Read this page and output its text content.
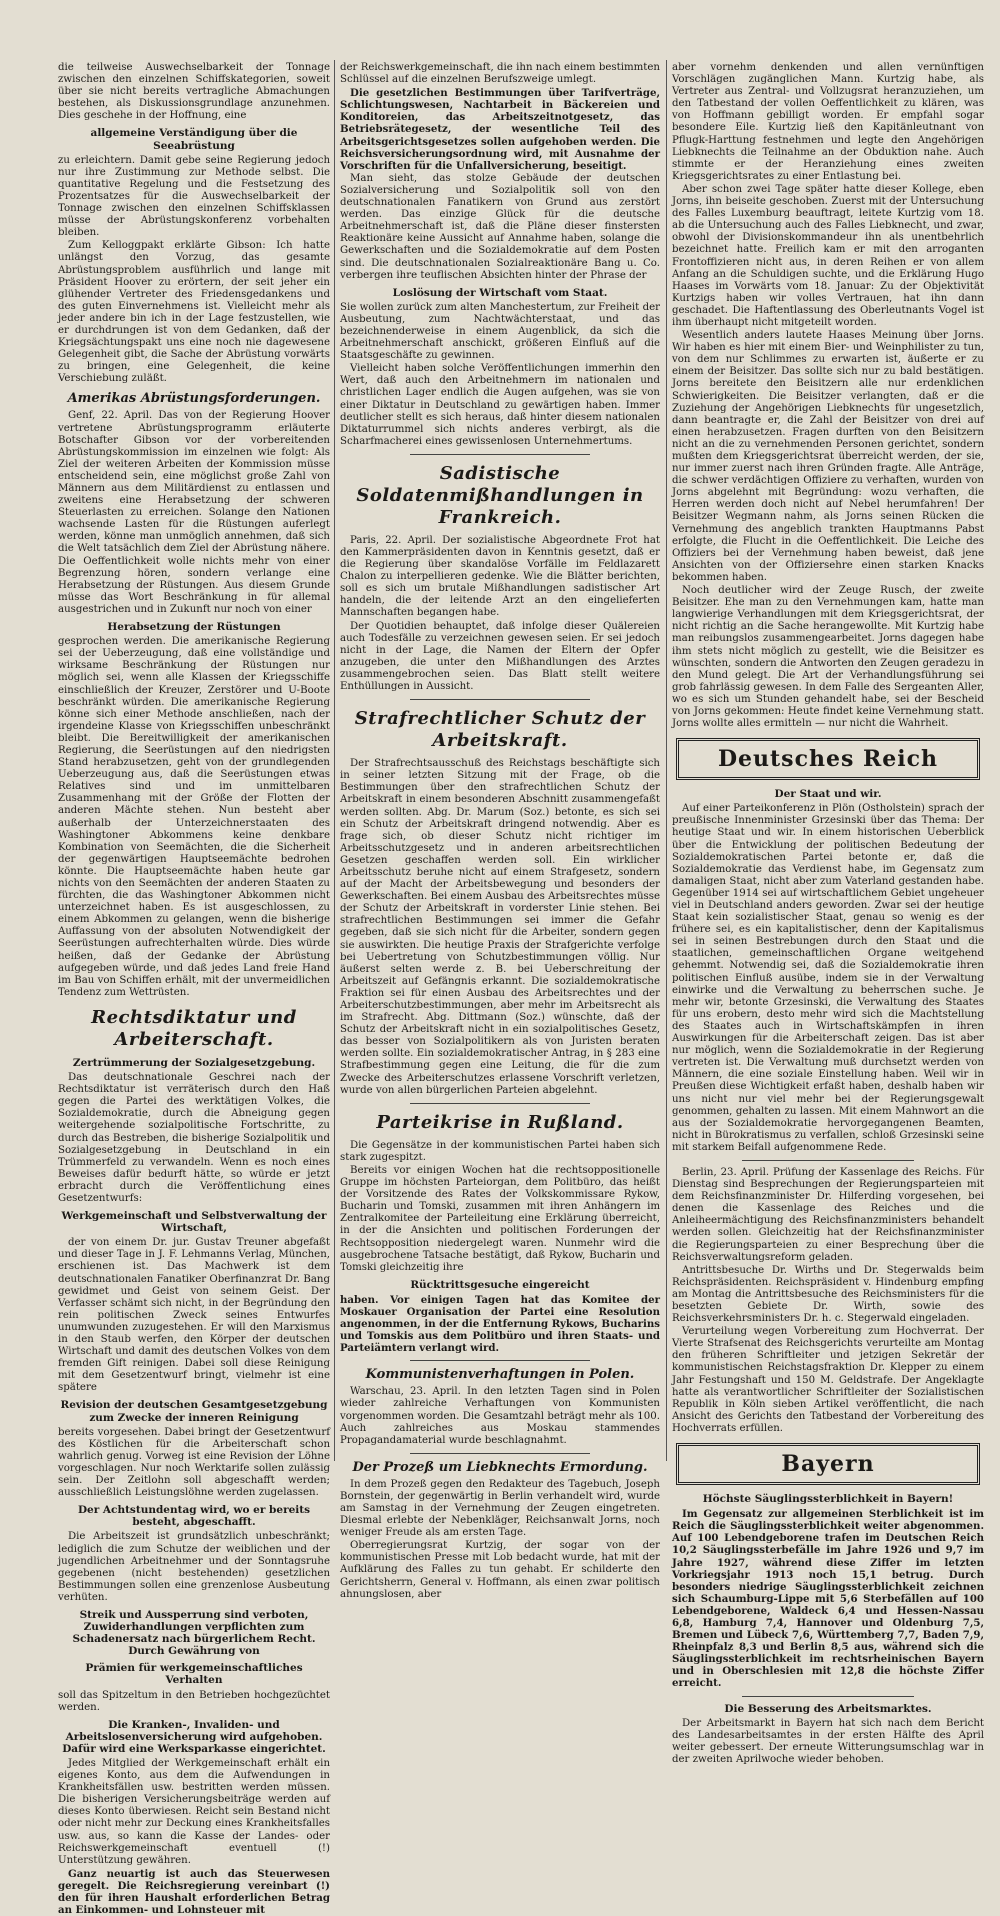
die teilweise Auswechselbarkeit der Tonnage zwischen den einzelnen Schiffskategorien, soweit über sie nicht bereits vertragliche Abmachungen bestehen, als Diskussionsgrundlage anzunehmen. Dies geschehe in der Hoffnung, eine

allgemeine Verständigung über die Seeabrüstung

zu erleichtern. Damit gebe seine Regierung jedoch nur ihre Zustimmung zur Methode selbst. Die quantitative Regelung und die Festsetzung des Prozentsatzes für die Auswechselbarkeit der Tonnage zwischen den einzelnen Schiffsklassen müsse der Abrüstungskonferenz vorbehalten bleiben.

Zum Kelloggpakt erklärte Gibson: Ich hatte unlängst den Vorzug, das gesamte Abrüstungsproblem ausführlich und lange mit Präsident Hoover zu erörtern, der seit jeher ein glühender Vertreter des Friedensgedankens und des guten Einvernehmens ist. Vielleicht mehr als jeder andere bin ich in der Lage festzustellen, wie er durchdrungen ist von dem Gedanken, daß der Kriegsächtungspakt uns eine noch nie dagewesene Gelegenheit gibt, die Sache der Abrüstung vorwärts zu bringen, eine Gelegenheit, die keine Verschiebung zuläßt.

Amerikas Abrüstungsforderungen.

Genf, 22. April. Das von der Regierung Hoover vertretene Abrüstungsprogramm erläuterte Botschafter Gibson vor der vorbereitenden Abrüstungskommission im einzelnen wie folgt: Als Ziel der weiteren Arbeiten der Kommission müsse entscheidend sein, eine möglichst große Zahl von Männern aus dem Militärdienst zu entlassen und zweitens eine Herabsetzung der schweren Steuerlasten zu erreichen. Solange den Nationen wachsende Lasten für die Rüstungen auferlegt werden, könne man unmöglich annehmen, daß sich die Welt tatsächlich dem Ziel der Abrüstung nähere. Die Oeffentlichkeit wolle nichts mehr von einer Begrenzung hören, sondern verlange eine Herabsetzung der Rüstungen. Aus diesem Grunde müsse das Wort Beschränkung in für allemal ausgestrichen und in Zukunft nur noch von einer

Herabsetzung der Rüstungen

gesprochen werden. Die amerikanische Regierung sei der Ueberzeugung, daß eine vollständige und wirksame Beschränkung der Rüstungen nur möglich sei, wenn alle Klassen der Kriegsschiffe einschließlich der Kreuzer, Zerstörer und U-Boote beschränkt würden. Die amerikanische Regierung könne sich einer Methode anschließen, nach der irgendeine Klasse von Kriegsschiffen unbeschränkt bleibt. Die Bereitwilligkeit der amerikanischen Regierung, die Seerüstungen auf den niedrigsten Stand herabzusetzen, geht von der grundlegenden Ueberzeugung aus, daß die Seerüstungen etwas Relatives sind und im unmittelbaren Zusammenhang mit der Größe der Flotten der anderen Mächte stehen. Nun besteht aber außerhalb der Unterzeichnerstaaten des Washingtoner Abkommens keine denkbare Kombination von Seemächten, die die Sicherheit der gegenwärtigen Hauptseemächte bedrohen könnte. Die Hauptseemächte haben heute gar nichts von den Seemächten der anderen Staaten zu fürchten, die das Washingtoner Abkommen nicht unterzeichnet haben. Es ist ausgeschlossen, zu einem Abkommen zu gelangen, wenn die bisherige Auffassung von der absoluten Notwendigkeit der Seerüstungen aufrechterhalten würde. Dies würde heißen, daß der Gedanke der Abrüstung aufgegeben würde, und daß jedes Land freie Hand im Bau von Schiffen erhält, mit der unvermeidlichen Tendenz zum Wettrüsten.

Rechtsdiktatur und Arbeiterschaft.
Zertrümmerung der Sozialgesetzgebung.

Das deutschnationale Geschrei nach der Rechtsdiktatur ist verräterisch durch den Haß gegen die Partei des werktätigen Volkes, die Sozialdemokratie, durch die Abneigung gegen weitergehende sozialpolitische Fortschritte, zu durch das Bestreben, die bisherige Sozialpolitik und Sozialgesetzgebung in Deutschland in ein Trümmerfeld zu verwandeln. Wenn es noch eines Beweises dafür bedurft hätte, so würde er jetzt erbracht durch die Veröffentlichung eines Gesetzentwurfs:

Werkgemeinschaft und Selbstverwaltung der Wirtschaft,

der von einem Dr. jur. Gustav Treuner abgefaßt und dieser Tage in J. F. Lehmanns Verlag, München, erschienen ist. Das Machwerk ist dem deutschnationalen Fanatiker Oberfinanzrat Dr. Bang gewidmet und Geist von seinem Geist. Der Verfasser schämt sich nicht, in der Begründung den rein politischen Zweck seines Entwurfes unumwunden zuzugestehen. Er will den Marxismus in den Staub werfen, den Körper der deutschen Wirtschaft und damit des deutschen Volkes von dem fremden Gift reinigen. Dabei soll diese Reinigung mit dem Gesetzentwurf bringt, vielmehr ist eine spätere

Revision der deutschen Gesamtgesetzgebung zum Zwecke der inneren Reinigung

bereits vorgesehen. Dabei bringt der Gesetzentwurf des Köstlichen für die Arbeiterschaft schon wahrlich genug. Vorweg ist eine Revision der Löhne vorgeschlagen. Nur noch Werktarife sollen zulässig sein. Der Zeitlohn soll abgeschafft werden; ausschließlich Leistungslöhne werden zugelassen.

Der Achtstundentag wird, wo er bereits besteht, abgeschafft.

Die Arbeitszeit ist grundsätzlich unbeschränkt; lediglich die zum Schutze der weiblichen und der jugendlichen Arbeitnehmer und der Sonntagsruhe gegebenen (nicht bestehenden) gesetzlichen Bestimmungen sollen eine grenzenlose Ausbeutung verhüten.

Streik und Aussperrung sind verboten, Zuwiderhandlungen verpflichten zum Schadenersatz nach bürgerlichem Recht. Durch Gewährung von
Prämien für werkgemeinschaftliches Verhalten

soll das Spitzeltum in den Betrieben hochgezüchtet werden.

Die Kranken-, Invaliden- und Arbeitslosenversicherung wird aufgehoben. Dafür wird eine Werksparkasse eingerichtet.

Jedes Mitglied der Werkgemeinschaft erhält ein eigenes Konto, aus dem die Aufwendungen in Krankheitsfällen usw. bestritten werden müssen. Die bisherigen Versicherungsbeiträge werden auf dieses Konto überwiesen. Reicht sein Bestand nicht oder nicht mehr zur Deckung eines Krankheitsfalles usw. aus, so kann die Kasse der Landes- oder Reichswerkgemeinschaft eventuell (!) Unterstützung gewähren.

Ganz neuartig ist auch das Steuerwesen geregelt. Die Reichsregierung vereinbart (!) den für ihren Haushalt erforderlichen Betrag an Einkommen- und Lohnsteuer mit

der Reichswerkgemeinschaft, die ihn nach einem bestimmten Schlüssel auf die einzelnen Berufszweige umlegt.

Die gesetzlichen Bestimmungen über Tarifverträge, Schlichtungswesen, Nachtarbeit in Bäckereien und Konditoreien, das Arbeitszeitnotgesetz, das Betriebsrätegesetz, der wesentliche Teil des Arbeitsgerichtsgesetzes sollen aufgehoben werden. Die Reichsversicherungsordnung wird, mit Ausnahme der Vorschriften für die Unfallversicherung, beseitigt.

Man sieht, das stolze Gebäude der deutschen Sozialversicherung und Sozialpolitik soll von den deutschnationalen Fanatikern von Grund aus zerstört werden. Das einzige Glück für die deutsche Arbeitnehmerschaft ist, daß die Pläne dieser finstersten Reaktionäre keine Aussicht auf Annahme haben, solange die Gewerkschaften und die Sozialdemokratie auf dem Posten sind. Die deutschnationalen Sozialreaktionäre Bang u. Co. verbergen ihre teuflischen Absichten hinter der Phrase der

Loslösung der Wirtschaft vom Staat.

Sie wollen zurück zum alten Manchestertum, zur Freiheit der Ausbeutung, zum Nachtwächterstaat, und das bezeichnenderweise in einem Augenblick, da sich die Arbeitnehmerschaft anschickt, größeren Einfluß auf die Staatsgeschäfte zu gewinnen.

Vielleicht haben solche Veröffentlichungen immerhin den Wert, daß auch den Arbeitnehmern im nationalen und christlichen Lager endlich die Augen aufgehen, was sie von einer Diktatur in Deutschland zu gewärtigen haben. Immer deutlicher stellt es sich heraus, daß hinter diesem nationalen Diktaturrummel sich nichts anderes verbirgt, als die Scharfmacherei eines gewissenlosen Unternehmertums.

Sadistische Soldatenmißhandlungen in Frankreich.

Paris, 22. April. Der sozialistische Abgeordnete Frot hat den Kammerpräsidenten davon in Kenntnis gesetzt, daß er die Regierung über skandalöse Vorfälle im Feldlazarett Chalon zu interpellieren gedenke. Wie die Blätter berichten, soll es sich um brutale Mißhandlungen sadistischer Art handeln, die der leitende Arzt an den eingelieferten Mannschaften begangen habe.

Der Quotidien behauptet, daß infolge dieser Quälereien auch Todesfälle zu verzeichnen gewesen seien. Er sei jedoch nicht in der Lage, die Namen der Eltern der Opfer anzugeben, die unter den Mißhandlungen des Arztes zusammengebrochen seien. Das Blatt stellt weitere Enthüllungen in Aussicht.

Strafrechtlicher Schutz der Arbeitskraft.

Der Strafrechtsausschuß des Reichstags beschäftigte sich in seiner letzten Sitzung mit der Frage, ob die Bestimmungen über den strafrechtlichen Schutz der Arbeitskraft in einem besonderen Abschnitt zusammengefaßt werden sollten. Abg. Dr. Marum (Soz.) betonte, es sich sei ein Schutz der Arbeitskraft dringend notwendig. Aber es frage sich, ob dieser Schutz nicht richtiger im Arbeitsschutzgesetz und in anderen arbeitsrechtlichen Gesetzen geschaffen werden soll. Ein wirklicher Arbeitsschutz beruhe nicht auf einem Strafgesetz, sondern auf der Macht der Arbeitsbewegung und besonders der Gewerkschaften. Bei einem Ausbau des Arbeitsrechtes müsse der Schutz der Arbeitskraft in vorderster Linie stehen. Bei strafrechtlichen Bestimmungen sei immer die Gefahr gegeben, daß sie sich nicht für die Arbeiter, sondern gegen sie auswirkten. Die heutige Praxis der Strafgerichte verfolge bei Uebertretung von Schutzbestimmungen völlig. Nur äußerst selten werde z. B. bei Ueberschreitung der Arbeitszeit auf Gefängnis erkannt. Die sozialdemokratische Fraktion sei für einen Ausbau des Arbeitsrechtes und der Arbeiterschutzbestimmungen, aber mehr im Arbeitsrecht als im Strafrecht. Abg. Dittmann (Soz.) wünschte, daß der Schutz der Arbeitskraft nicht in ein sozialpolitisches Gesetz, das besser von Sozialpolitikern als von Juristen beraten werden sollte. Ein sozialdemokratischer Antrag, in § 283 eine Strafbestimmung gegen eine Leitung, die für die zum Zwecke des Arbeiterschutzes erlassene Vorschrift verletzen, wurde von allen bürgerlichen Parteien abgelehnt.

Parteikrise in Rußland.

Die Gegensätze in der kommunistischen Partei haben sich stark zugespitzt.

Bereits vor einigen Wochen hat die rechtsoppositionelle Gruppe im höchsten Parteiorgan, dem Politbüro, das heißt der Vorsitzende des Rates der Volkskommissare Rykow, Bucharin und Tomski, zusammen mit ihren Anhängern im Zentralkomitee der Parteileitung eine Erklärung überreicht, in der die Ansichten und politischen Forderungen der Rechtsopposition niedergelegt waren. Nunmehr wird die ausgebrochene Tatsache bestätigt, daß Rykow, Bucharin und Tomski gleichzeitig ihre

Rücktrittsgesuche eingereicht

haben. Vor einigen Tagen hat das Komitee der Moskauer Organisation der Partei eine Resolution angenommen, in der die Entfernung Rykows, Bucharins und Tomskis aus dem Politbüro und ihren Staats- und Parteiämtern verlangt wird.

Kommunistenverhaftungen in Polen.

Warschau, 23. April. In den letzten Tagen sind in Polen wieder zahlreiche Verhaftungen von Kommunisten vorgenommen worden. Die Gesamtzahl beträgt mehr als 100. Auch zahlreiches aus Moskau stammendes Propagandamaterial wurde beschlagnahmt.

Der Prozeß um Liebknechts Ermordung.

In dem Prozeß gegen den Redakteur des Tagebuch, Joseph Bornstein, der gegenwärtig in Berlin verhandelt wird, wurde am Samstag in der Vernehmung der Zeugen eingetreten. Diesmal erlebte der Nebenkläger, Reichsanwalt Jorns, noch weniger Freude als am ersten Tage.

Oberregierungsrat Kurtzig, der sogar von der kommunistischen Presse mit Lob bedacht wurde, hat mit der Aufklärung des Falles zu tun gehabt. Er schilderte den Gerichtsherrn, General v. Hoffmann, als einen zwar politisch ahnungslosen, aber

aber vornehm denkenden und allen vernünftigen Vorschlägen zugänglichen Mann. Kurtzig habe, als Vertreter aus Zentral- und Vollzugsrat heranzuziehen, um den Tatbestand der vollen Oeffentlichkeit zu klären, was von Hoffmann gebilligt worden. Er empfahl sogar besondere Eile. Kurtzig ließ den Kapitänleutnant von Pflugk-Harttung festnehmen und legte den Angehörigen Liebknechts die Teilnahme an der Obduktion nahe. Auch stimmte er der Heranziehung eines zweiten Kriegsgerichtsrates zu einer Entlastung bei.

Aber schon zwei Tage später hatte dieser Kollege, eben Jorns, ihn beiseite geschoben. Zuerst mit der Untersuchung des Falles Luxemburg beauftragt, leitete Kurtzig vom 18. ab die Untersuchung auch des Falles Liebknecht, und zwar, obwohl der Divisionskommandeur ihn als unentbehrlich bezeichnet hatte. Freilich kam er mit den arroganten Frontoffizieren nicht aus, in deren Reihen er von allem Anfang an die Schuldigen suchte, und die Erklärung Hugo Haases im Vorwärts vom 18. Januar: Zu der Objektivität Kurtzigs haben wir volles Vertrauen, hat ihn dann geschadet. Die Haftentlassung des Oberleutnants Vogel ist ihm überhaupt nicht mitgeteilt worden.

Wesentlich anders lautete Haases Meinung über Jorns. Wir haben es hier mit einem Bier- und Weinphilister zu tun, von dem nur Schlimmes zu erwarten ist, äußerte er zu einem der Beisitzer. Das sollte sich nur zu bald bestätigen. Jorns bereitete den Beisitzern alle nur erdenklichen Schwierigkeiten. Die Beisitzer verlangten, daß er die Zuziehung der Angehörigen Liebknechts für ungesetzlich, dann beantragte er, die Zahl der Beisitzer von drei auf einen herabzusetzen. Fragen durften von den Beisitzern nicht an die zu vernehmenden Personen gerichtet, sondern mußten dem Kriegsgerichtsrat überreicht werden, der sie, nur immer zuerst nach ihren Gründen fragte. Alle Anträge, die schwer verdächtigen Offiziere zu verhaften, wurden von Jorns abgelehnt mit Begründung: wozu verhaften, die Herren werden doch nicht auf Nebel herumfahren! Der Beisitzer Wegmann nahm, als Jorns seinen Rücken die Vernehmung des angeblich trankten Hauptmanns Pabst erfolgte, die Flucht in die Oeffentlichkeit. Die Leiche des Offiziers bei der Vernehmung haben beweist, daß jene Ansichten von der Offiziersehre einen starken Knacks bekommen haben.

Noch deutlicher wird der Zeuge Rusch, der zweite Beisitzer. Ehe man zu den Vernehmungen kam, hatte man langwierige Verhandlungen mit dem Kriegsgerichtsrat, der nicht richtig an die Sache herangewollte. Mit Kurtzig habe man reibungslos zusammengearbeitet. Jorns dagegen habe ihm stets nicht möglich zu gestellt, wie die Beisitzer es wünschten, sondern die Antworten den Zeugen geradezu in den Mund gelegt. Die Art der Verhandlungsführung sei grob fahrlässig gewesen. In dem Falle des Sergeanten Aller, wo es sich um Stunden gehandelt habe, sei der Bescheid von Jorns gekommen: Heute findet keine Vernehmung statt. Jorns wollte alles ermitteln — nur nicht die Wahrheit.

Deutsches Reich
Der Staat und wir.

Auf einer Parteikonferenz in Plön (Ostholstein) sprach der preußische Innenminister Grzesinski über das Thema: Der heutige Staat und wir. In einem historischen Ueberblick über die Entwicklung der politischen Bedeutung der Sozialdemokratischen Partei betonte er, daß die Sozialdemokratie das Verdienst habe, im Gegensatz zum damaligen Staat, nicht aber zum Vaterland gestanden habe. Gegenüber 1914 sei auf wirtschaftlichem Gebiet ungeheuer viel in Deutschland anders geworden. Zwar sei der heutige Staat kein sozialistischer Staat, genau so wenig es der frühere sei, es ein kapitalistischer, denn der Kapitalismus sei in seinen Bestrebungen durch den Staat und die staatlichen, gemeinschaftlichen Organe weitgehend gehemmt. Notwendig sei, daß die Sozialdemokratie ihren politischen Einfluß ausübe, indem sie in der Verwaltung einwirke und die Verwaltung zu beherrschen suche. Je mehr wir, betonte Grzesinski, die Verwaltung des Staates für uns erobern, desto mehr wird sich die Machtstellung des Staates auch in Wirtschaftskämpfen in ihren Auswirkungen für die Arbeiterschaft zeigen. Das ist aber nur möglich, wenn die Sozialdemokratie in der Regierung vertreten ist. Die Verwaltung muß durchsetzt werden von Männern, die eine soziale Einstellung haben. Weil wir in Preußen diese Wichtigkeit erfaßt haben, deshalb haben wir uns nicht nur viel mehr bei der Regierungsgewalt genommen, gehalten zu lassen. Mit einem Mahnwort an die aus der Sozialdemokratie hervorgegangenen Beamten, nicht in Bürokratismus zu verfallen, schloß Grzesinski seine mit starkem Beifall aufgenommene Rede.

Berlin, 23. April. Prüfung der Kassenlage des Reichs. Für Dienstag sind Besprechungen der Regierungsparteien mit dem Reichsfinanzminister Dr. Hilferding vorgesehen, bei denen die Kassenlage des Reiches und die Anleiheermächtigung des Reichsfinanzministers behandelt werden sollen. Gleichzeitig hat der Reichsfinanzminister die Regierungsparteien zu einer Besprechung über die Reichsverwaltungsreform geladen.

Antrittsbesuche Dr. Wirths und Dr. Stegerwalds beim Reichspräsidenten. Reichspräsident v. Hindenburg empfing am Montag die Antrittsbesuche des Reichsministers für die besetzten Gebiete Dr. Wirth, sowie des Reichsverkehrsministers Dr. h. c. Stegerwald eingeladen.

Verurteilung wegen Vorbereitung zum Hochverrat. Der Vierte Strafsenat des Reichsgerichts verurteilte am Montag den früheren Schriftleiter und jetzigen Sekretär der kommunistischen Reichstagsfraktion Dr. Klepper zu einem Jahr Festungshaft und 150 M. Geldstrafe. Der Angeklagte hatte als verantwortlicher Schriftleiter der Sozialistischen Republik in Köln sieben Artikel veröffentlicht, die nach Ansicht des Gerichts den Tatbestand der Vorbereitung des Hochverrats erfüllen.

Bayern
Höchste Säuglingssterblichkeit in Bayern!

Im Gegensatz zur allgemeinen Sterblichkeit ist im Reich die Säuglingssterblichkeit weiter abgenommen. Auf 100 Lebendgeborene trafen im Deutschen Reich 10,2 Säuglingssterbefälle im Jahre 1926 und 9,7 im Jahre 1927, während diese Ziffer im letzten Vorkriegsjahr 1913 noch 15,1 betrug. Durch besonders niedrige Säuglingssterblichkeit zeichnen sich Schaumburg-Lippe mit 5,6 Sterbefällen auf 100 Lebendgeborene, Waldeck 6,4 und Hessen-Nassau 6,8, Hamburg 7,4, Hannover und Oldenburg 7,5, Bremen und Lübeck 7,6, Württemberg 7,7, Baden 7,9, Rheinpfalz 8,3 und Berlin 8,5 aus, während sich die Säuglingssterblichkeit im rechtsrheinischen Bayern und in Oberschlesien mit 12,8 die höchste Ziffer erreicht.

Die Besserung des Arbeitsmarktes.

Der Arbeitsmarkt in Bayern hat sich nach dem Bericht des Landesarbeitsamtes in der ersten Hälfte des April weiter gebessert. Der erneute Witterungsumschlag war in der zweiten Aprilwoche wieder behoben.
